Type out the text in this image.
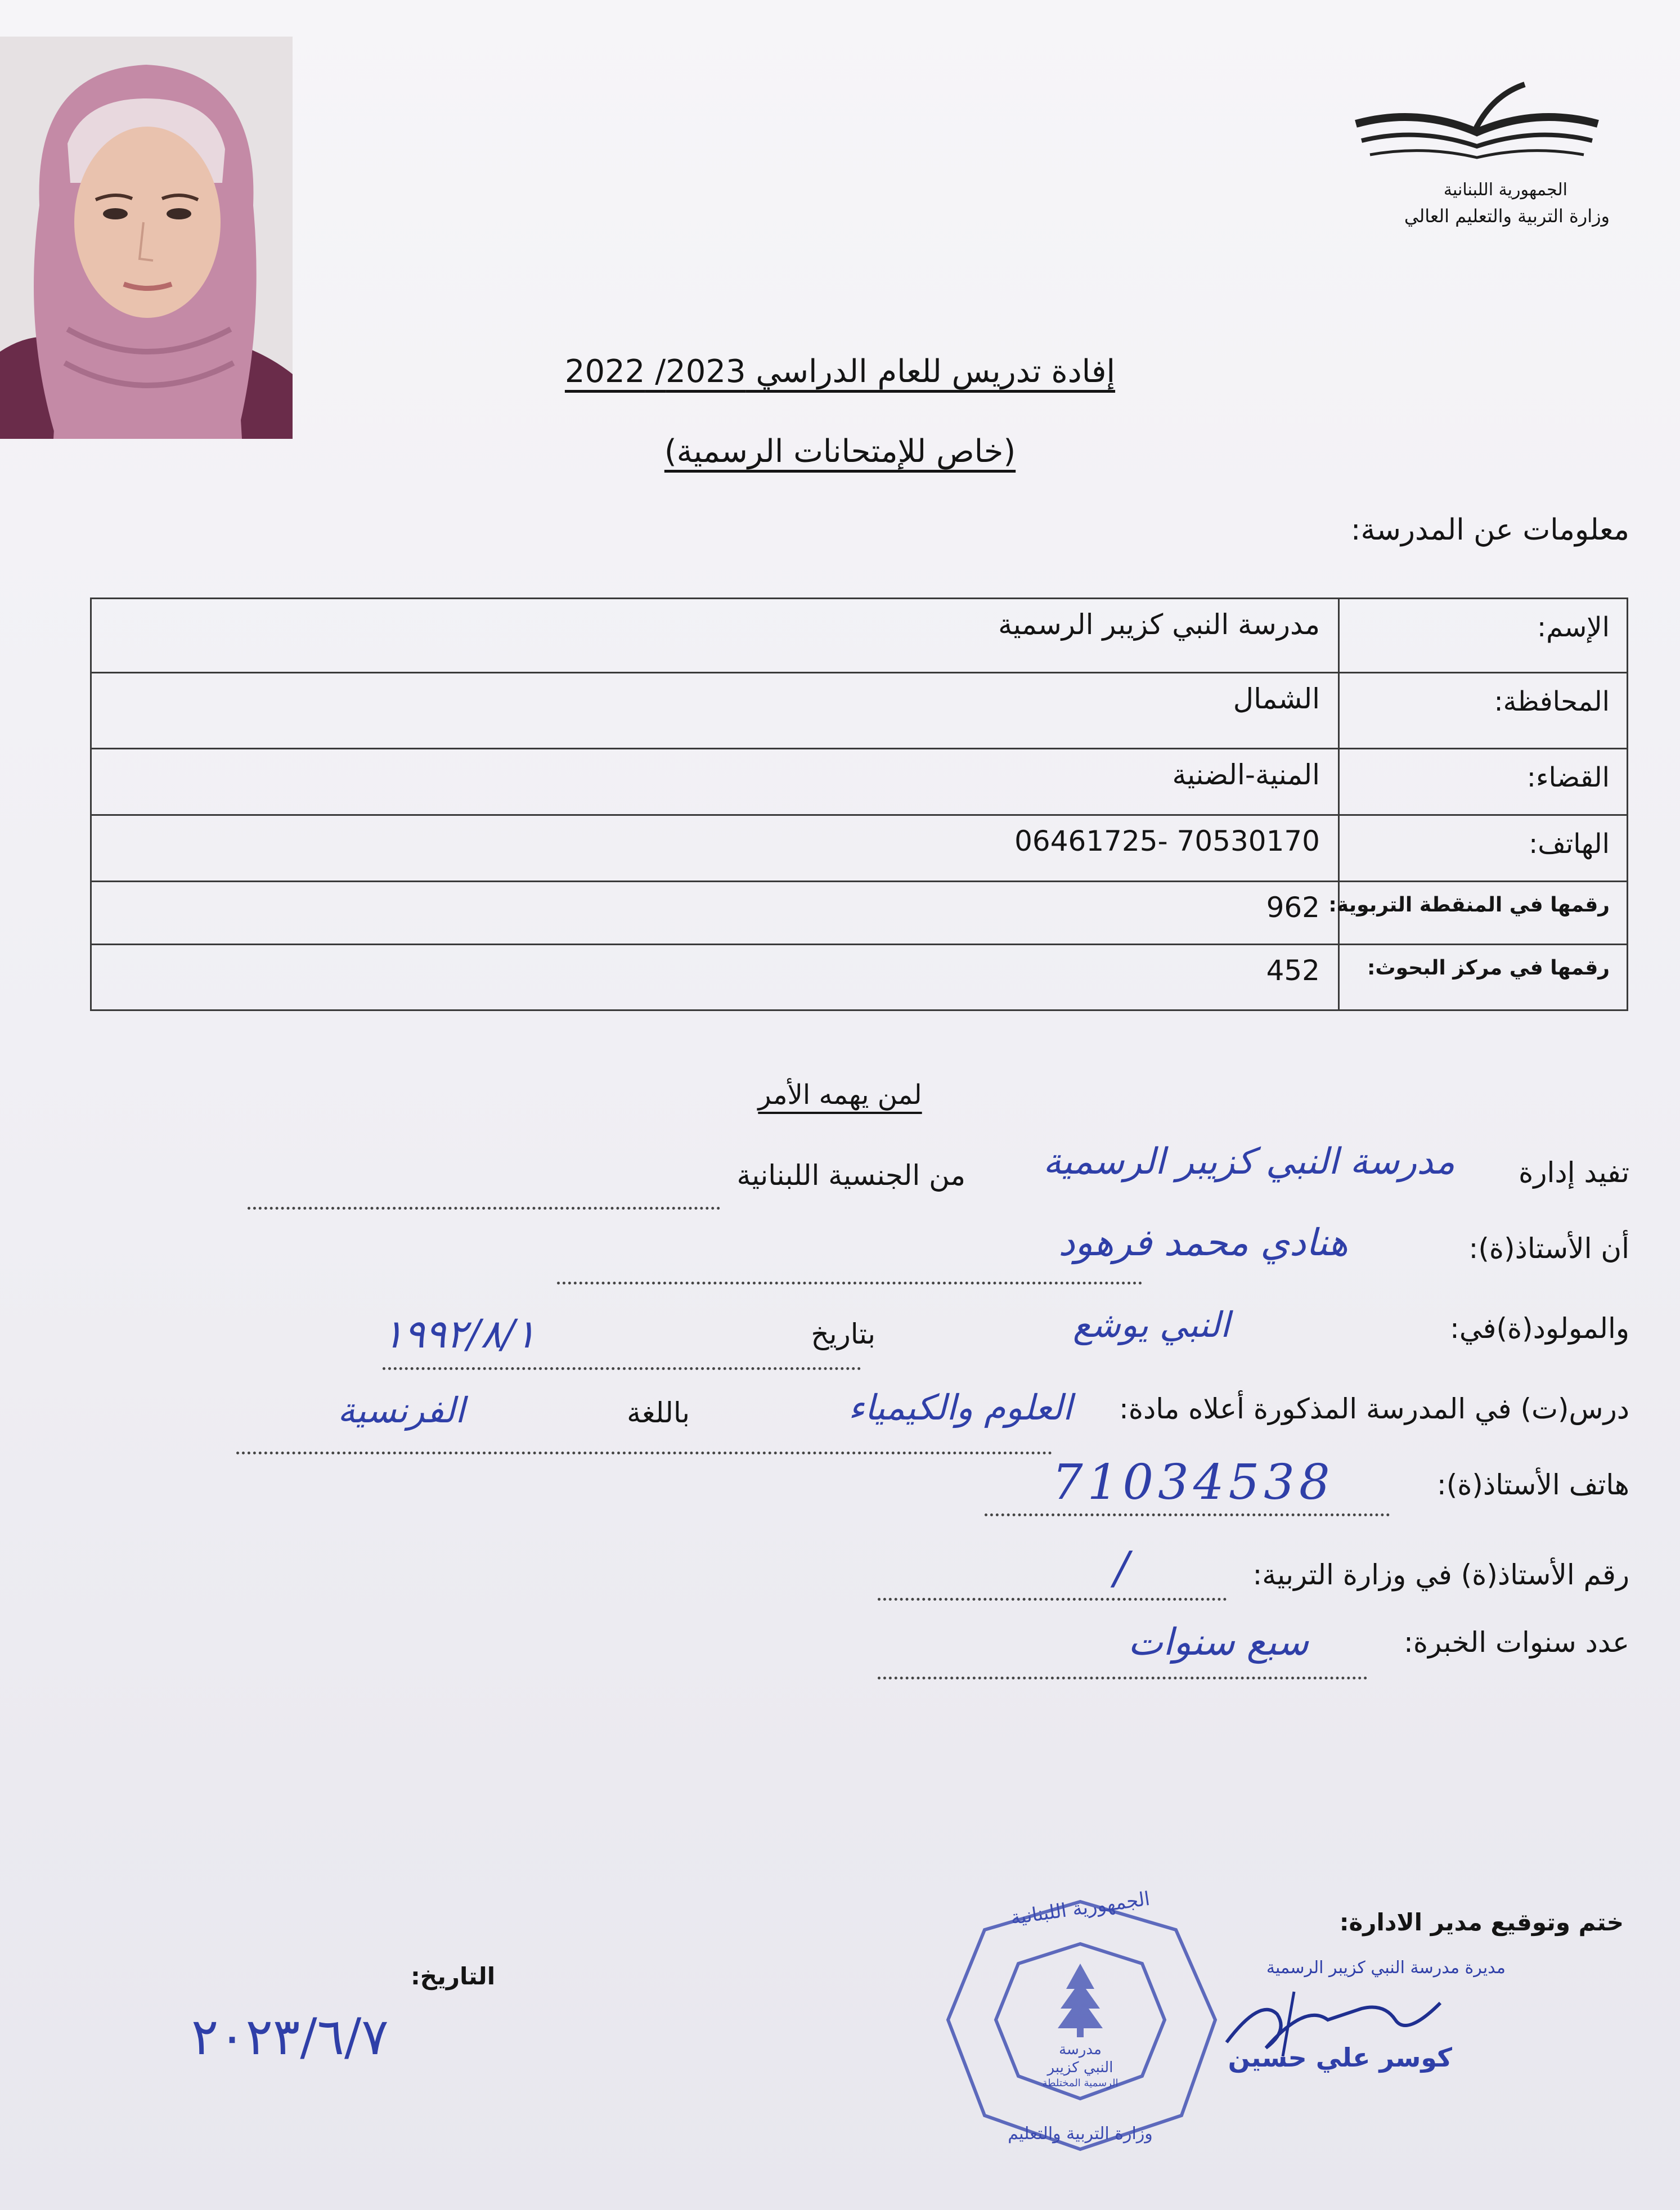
الجمهورية اللبنانية
وزارة التربية والتعليم العالي
إفادة تدريس للعام الدراسي 2023/ 2022
(خاص للإمتحانات الرسمية)
معلومات عن المدرسة:
الإسم:
مدرسة النبي كزيبر الرسمية
المحافظة:
الشمال
القضاء:
المنية-الضنية
الهاتف:
06461725- 70530170
رقمها في المنقطة التربوية:
962
رقمها في مركز البحوث:
452
لمن يهمه الأمر
تفيد إدارة
مدرسة النبي كزيبر الرسمية
من الجنسية اللبنانية
أن الأستاذ(ة):
هنادي محمد فرهود
والمولود(ة)في:
النبي يوشع
بتاريخ
١٩٩٢/٨/١
درس(ت) في المدرسة المذكورة أعلاه مادة:
العلوم والكيمياء
باللغة
الفرنسية
هاتف الأستاذ(ة):
71034538
رقم الأستاذ(ة) في وزارة التربية:
/
عدد سنوات الخبرة:
سبع سنوات
ختم وتوقيع مدير الادارة:
مديرة مدرسة النبي كزيبر الرسمية
الجمهورية اللبنانية
مدرسة
النبي كزيبر
الرسمية المختلطة
وزارة التربية والتعليم
كوسر علي حسين
التاريخ:
٢٠٢٣/٦/٧
